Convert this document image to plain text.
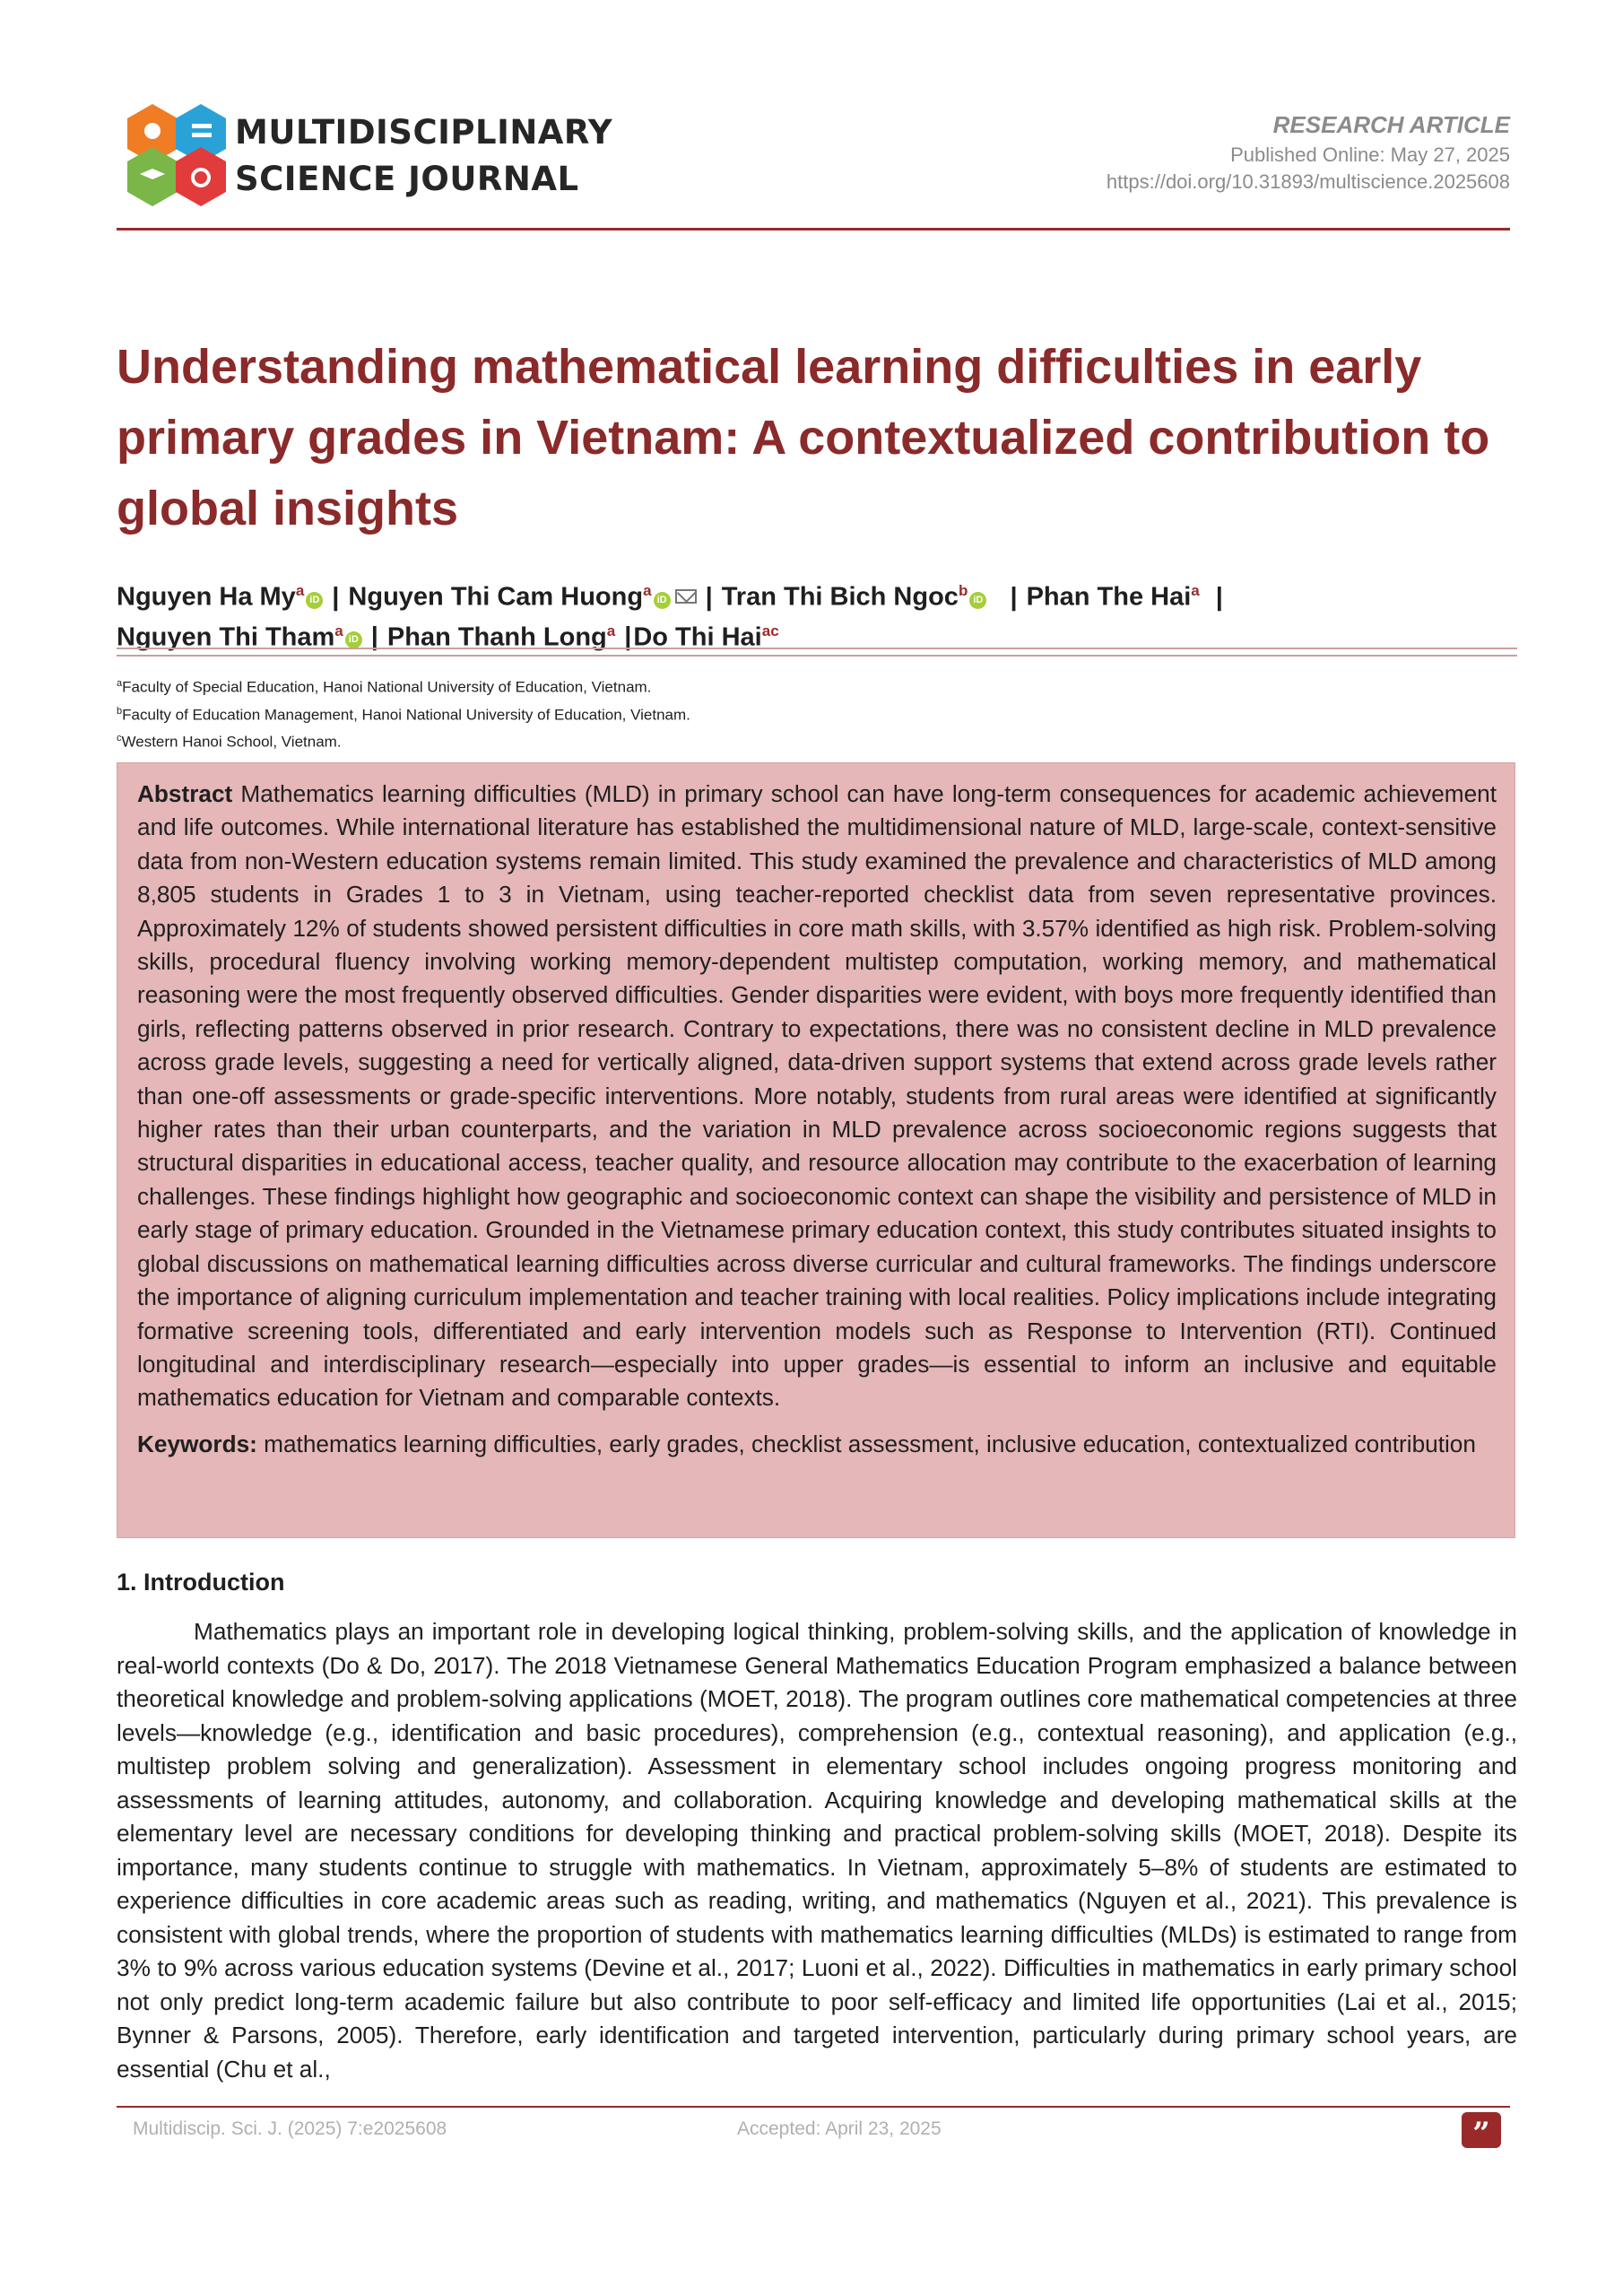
MULTIDISCIPLINARY
SCIENCE JOURNAL
RESEARCH ARTICLE
Published Online: May 27, 2025
https://doi.org/10.31893/multiscience.2025608
Understanding mathematical learning difficulties in early primary grades in Vietnam: A contextualized contribution to global insights
Nguyen Ha My$^a$iD | Nguyen Thi Cam Huong$^a$iD | Tran Thi Bich Ngoc$^b$iD  | Phan The Hai$^a$ |
Nguyen Thi Tham$^a$iD | Phan Thanh Long$^a$ |Do Thi Hai$^{ac}$
$^a$Faculty of Special Education, Hanoi National University of Education, Vietnam.
$^b$Faculty of Education Management, Hanoi National University of Education, Vietnam.
$^c$Western Hanoi School, Vietnam.

Abstract Mathematics learning difficulties (MLD) in primary school can have long-term consequences for academic achievement and life outcomes. While international literature has established the multidimensional nature of MLD, large-scale, context-sensitive data from non-Western education systems remain limited. This study examined the prevalence and characteristics of MLD among 8,805 students in Grades 1 to 3 in Vietnam, using teacher-reported checklist data from seven representative provinces. Approximately 12% of students showed persistent difficulties in core math skills, with 3.57% identified as high risk. Problem-solving skills, procedural fluency involving working memory-dependent multistep computation, working memory, and mathematical reasoning were the most frequently observed difficulties. Gender disparities were evident, with boys more frequently identified than girls, reflecting patterns observed in prior research. Contrary to expectations, there was no consistent decline in MLD prevalence across grade levels, suggesting a need for vertically aligned, data-driven support systems that extend across grade levels rather than one-off assessments or grade-specific interventions. More notably, students from rural areas were identified at significantly higher rates than their urban counterparts, and the variation in MLD prevalence across socioeconomic regions suggests that structural disparities in educational access, teacher quality, and resource allocation may contribute to the exacerbation of learning challenges. These findings highlight how geographic and socioeconomic context can shape the visibility and persistence of MLD in early stage of primary education. Grounded in the Vietnamese primary education context, this study contributes situated insights to global discussions on mathematical learning difficulties across diverse curricular and cultural frameworks. The findings underscore the importance of aligning curriculum implementation and teacher training with local realities. Policy implications include integrating formative screening tools, differentiated and early intervention models such as Response to Intervention (RTI). Continued longitudinal and interdisciplinary research—especially into upper grades—is essential to inform an inclusive and equitable mathematics education for Vietnam and comparable contexts.

Keywords: mathematics learning difficulties, early grades, checklist assessment, inclusive education, contextualized contribution
1. Introduction

Mathematics plays an important role in developing logical thinking, problem-solving skills, and the application of knowledge in real-world contexts (Do & Do, 2017). The 2018 Vietnamese General Mathematics Education Program emphasized a balance between theoretical knowledge and problem-solving applications (MOET, 2018). The program outlines core mathematical competencies at three levels—knowledge (e.g., identification and basic procedures), comprehension (e.g., contextual reasoning), and application (e.g., multistep problem solving and generalization). Assessment in elementary school includes ongoing progress monitoring and assessments of learning attitudes, autonomy, and collaboration. Acquiring knowledge and developing mathematical skills at the elementary level are necessary conditions for developing thinking and practical problem-solving skills (MOET, 2018). Despite its importance, many students continue to struggle with mathematics. In Vietnam, approximately 5–8% of students are estimated to experience difficulties in core academic areas such as reading, writing, and mathematics (Nguyen et al., 2021). This prevalence is consistent with global trends, where the proportion of students with mathematics learning difficulties (MLDs) is estimated to range from 3% to 9% across various education systems (Devine et al., 2017; Luoni et al., 2022). Difficulties in mathematics in early primary school not only predict long-term academic failure but also contribute to poor self-efficacy and limited life opportunities (Lai et al., 2015; Bynner & Parsons, 2005). Therefore, early identification and targeted intervention, particularly during primary school years, are essential (Chu et al.,

Multidiscip. Sci. J. (2025) 7:e2025608	Accepted: April 23, 2025	”
